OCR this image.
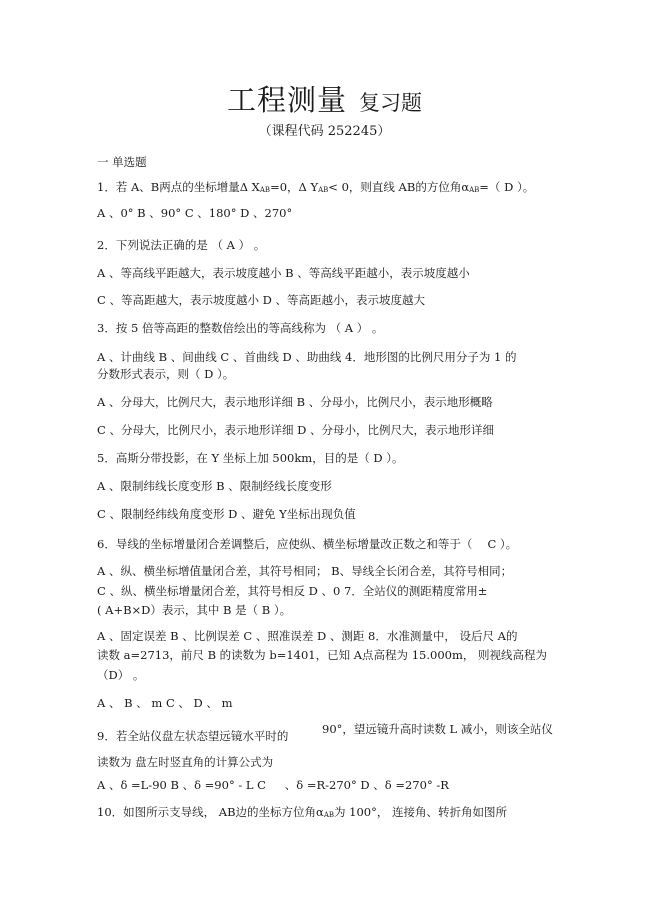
工程测量 复习题
（课程代码 252245）
一 单选题
1．若 A、B两点的坐标增量Δ XAB=0，Δ YAB< 0，则直线 AB的方位角αAB=（ D ）。
A 、0° B 、90° C 、180° D 、270°
2．下列说法正确的是 （ A ） 。
A 、等高线平距越大，表示坡度越小 B 、等高线平距越小，表示坡度越小
C 、等高距越大，表示坡度越小 D 、等高距越小，表示坡度越大
3．按 5 倍等高距的整数倍绘出的等高线称为 （ A ） 。
A 、计曲线 B 、间曲线 C 、首曲线 D 、助曲线 4．地形图的比例尺用分子为 1 的
分数形式表示，则（ D ）。
A 、分母大，比例尺大，表示地形详细 B 、分母小，比例尺小，表示地形概略
C 、分母大，比例尺小，表示地形详细 D 、分母小，比例尺大，表示地形详细
5．高斯分带投影，在 Y 坐标上加 500km，目的是（ D ）。
A 、限制纬线长度变形 B 、限制经线长度变形
C 、限制经纬线角度变形 D 、避免 Y坐标出现负值
6．导线的坐标增量闭合差调整后，应使纵、横坐标增量改正数之和等于（　 C ）。
A 、纵、横坐标增值量闭合差，其符号相同； B、导线全长闭合差，其符号相同；
C 、纵、横坐标增量闭合差，其符号相反 D 、0 7．全站仪的测距精度常用±
( A+B×D）表示，其中 B 是（ B ）。
A 、固定误差 B 、比例误差 C 、照准误差 D 、测距 8．水准测量中， 设后尺 A的
读数 a=2713，前尺 B 的读数为 b=1401，已知 A点高程为 15.000m， 则视线高程为
（D） 。
A 、 B 、 m C 、 D 、 m
9．若全站仪盘左状态望远镜水平时的	90°，望远镜升高时读数 L 减小，则该全站仪
读数为 盘左时竖直角的计算公式为
A 、δ =L-90 B 、δ =90° - L C 　 、δ =R-270° D 、δ =270° -R
10．如图所示支导线， AB边的坐标方位角αAB为 100°， 连接角、转折角如图所
